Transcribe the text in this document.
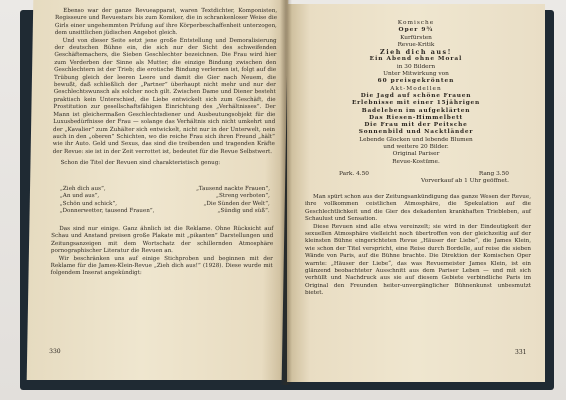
Ebenso war der ganze Revueapparat, waren Textdichter, Komponisten, Regisseure und Revuestars bis zum Komiker, die in schrankenloser Weise die Girls einer ungehemmten Prüfung auf ihre Körperbeschaffenheit unterzogen, dem unsittlichen jüdischen Angebot gleich.

Und von dieser Seite setzt jene große Entstellung und Demoralisierung der deutschen Bühne ein, die sich nur der Sicht des schweifenden Geschäftemachers, die Sieben Geschlechter bezeichnen. Die Frau wird hier zum Verderben der Sinne als Mutter, die einzige Bindung zwischen den Geschlechtern ist der Trieb; die erotische Bindung verlernen ist, folgt auf die Trübung gleich der leeren Leere und damit die Gier nach Neuem, die bewußt, daß schließlich der „Partner“ überhaupt nicht mehr und nur der Geschlechtswunsch als solcher noch gilt. Zwischen Dame und Diener besteht praktisch kein Unterschied, die Liebe entwickelt sich zum Geschäft, die Prostitution zur gesellschaftsfähigen Einrichtung des „Verhältnisses“. Der Mann ist gleichermaßen Geschlechtsdiener und Ausbeutungsobjekt für die Luxusbedürfnisse der Frau — solange das Verhältnis sich nicht umkehrt und der „Kavalier“ zum Zuhälter sich entwickelt, nicht nur in der Unterwelt, nein auch in den „oberen“ Schichten, wo die reiche Frau sich ihren Freund „hält“ wie ihr Auto. Geld und Sexus, das sind die treibenden und tragenden Kräfte der Revue: sie ist in der Zeit verrottet ist, bedeutet für die Revue Selbstwert.

Schon die Titel der Revuen sind charakteristisch genug:

„Zieh dich aus“,	„Tausend nackte Frauen“,
„An und aus“,	„Streng verboten“,
„Schön und schick“,	„Die Sünden der Welt“,
„Donnerwetter, tausend Frauen“,	„Sündig und süß“.

Das sind nur einige. Ganz ähnlich ist die Reklame. Ohne Rücksicht auf Schau und Anstand preisen große Plakate mit „pikanten“ Darstellungen und Zeitungsanzeigen mit dem Wortschatz der schillernden Atmosphäre pornographischer Literatur die Revuen an.

Wir beschränken uns auf einige Stichproben und beginnen mit der Reklame für die James-Klein-Revue „Zieh dich aus!“ (1928). Diese wurde mit folgendem Inserat angekündigt:

330
Komische
Oper 9¾
Kurfürsten
Revue-Kritik
Zieh dich aus!
Ein Abend ohne Moral
in 30 Bildern
Unter Mitwirkung von
60 preisgekrönten
Akt-Modellen
Die Jagd auf schöne Frauen
Erlebnisse mit einer 15jährigen
Badeleben im aufgeklärten
Das Riesen-Himmelbett
Die Frau mit der Peitsche
Sonnenbild und Nacktländer
Lebende Glocken und lebende Blumen
und weitere 20 Bilder.
Original Pariser
Revue-Kostüme.
Park. 4.50	Rang 3.50
Vorverkauf ab 1 Uhr geöffnet.

Man spürt schon aus der Zeitungsankündigung das ganze Wesen der Revue, ihre vollkommen ceistlichen Atmosphäre, die Spekulation auf die Geschlechtlichkeit und die Gier des dekadenten krankhaften Triebleben, auf Schaulust und Sensation.

Diese Revuen sind alle etwa vereinzelt; sie wird in der Eindeutigkeit der sexuellen Atmosphäre vielleicht noch übertroffen von der gleichzeitig auf der kleinsten Bühne eingerichteten Revue „Häuser der Liebe“, die James Klein, wie schon der Titel verspricht, eine Reise durch Bordelle, auf reise die sieben Wände von Paris, auf die Bühne brachte. Die Direktion der Komischen Oper warnte: „Häuser der Liebe“, das was Revuemeister James Klein, ist ein glänzend beobachteter Ausschnitt aus dem Pariser Leben — und mit sich verhüllt und Nachdruck aus sie auf diesem Gebiete verbindliche Paris im Original den Freunden heiter-unvergänglicher Bühnenkunst unbesmutzt bietet.

331
